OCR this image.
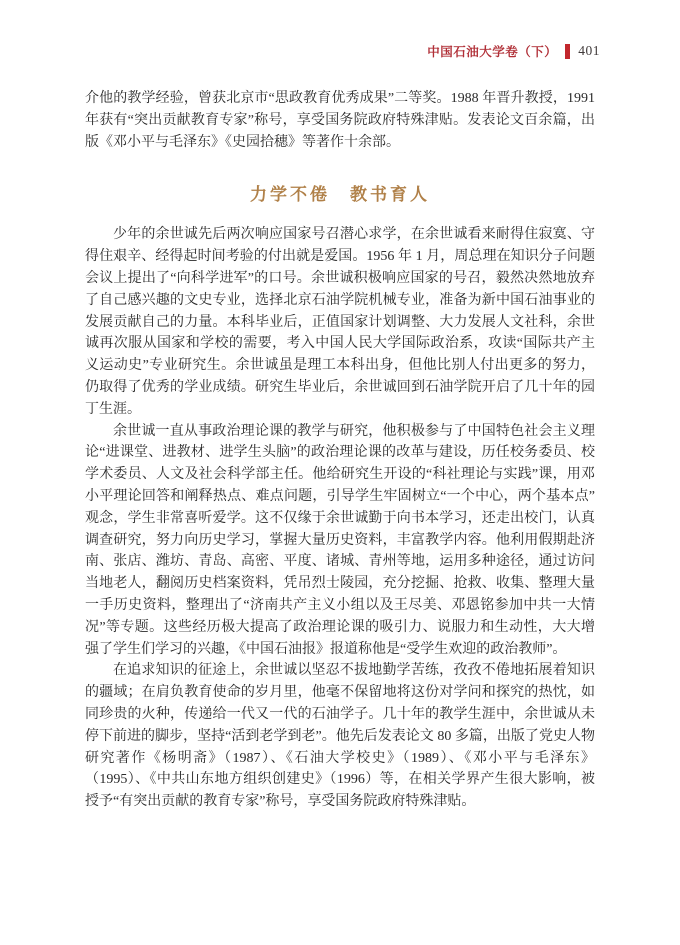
中国石油大学卷（下） 401

介他的教学经验，曾获北京市“思政教育优秀成果”二等奖。1988 年晋升教授，1991 年获有“突出贡献教育专家”称号，享受国务院政府特殊津贴。发表论文百余篇，出版《邓小平与毛泽东》《史园拾穗》等著作十余部。

力学不倦　教书育人

少年的余世诚先后两次响应国家号召潜心求学，在余世诚看来耐得住寂寞、守得住艰辛、经得起时间考验的付出就是爱国。1956 年 1 月，周总理在知识分子问题会议上提出了“向科学进军”的口号。余世诚积极响应国家的号召，毅然决然地放弃了自己感兴趣的文史专业，选择北京石油学院机械专业，准备为新中国石油事业的发展贡献自己的力量。本科毕业后，正值国家计划调整、大力发展人文社科，余世诚再次服从国家和学校的需要，考入中国人民大学国际政治系，攻读“国际共产主义运动史”专业研究生。余世诚虽是理工本科出身，但他比别人付出更多的努力，仍取得了优秀的学业成绩。研究生毕业后，余世诚回到石油学院开启了几十年的园丁生涯。

余世诚一直从事政治理论课的教学与研究，他积极参与了中国特色社会主义理论“进课堂、进教材、进学生头脑”的政治理论课的改革与建设，历任校务委员、校学术委员、人文及社会科学部主任。他给研究生开设的“科社理论与实践”课，用邓小平理论回答和阐释热点、难点问题，引导学生牢固树立“一个中心，两个基本点”观念，学生非常喜听爱学。这不仅缘于余世诚勤于向书本学习，还走出校门，认真调查研究，努力向历史学习，掌握大量历史资料，丰富教学内容。他利用假期赴济南、张店、潍坊、青岛、高密、平度、诸城、青州等地，运用多种途径，通过访问当地老人，翻阅历史档案资料，凭吊烈士陵园，充分挖掘、抢救、收集、整理大量一手历史资料，整理出了“济南共产主义小组以及王尽美、邓恩铭参加中共一大情况”等专题。这些经历极大提高了政治理论课的吸引力、说服力和生动性，大大增强了学生们学习的兴趣，《中国石油报》报道称他是“受学生欢迎的政治教师”。

在追求知识的征途上，余世诚以坚忍不拔地勤学苦练，孜孜不倦地拓展着知识的疆域；在肩负教育使命的岁月里，他毫不保留地将这份对学问和探究的热忱，如同珍贵的火种，传递给一代又一代的石油学子。几十年的教学生涯中，余世诚从未停下前进的脚步，坚持“活到老学到老”。他先后发表论文 80 多篇，出版了党史人物研究著作《杨明斋》（1987）、《石油大学校史》（1989）、《邓小平与毛泽东》（1995）、《中共山东地方组织创建史》（1996）等，在相关学界产生很大影响，被授予“有突出贡献的教育专家”称号，享受国务院政府特殊津贴。
